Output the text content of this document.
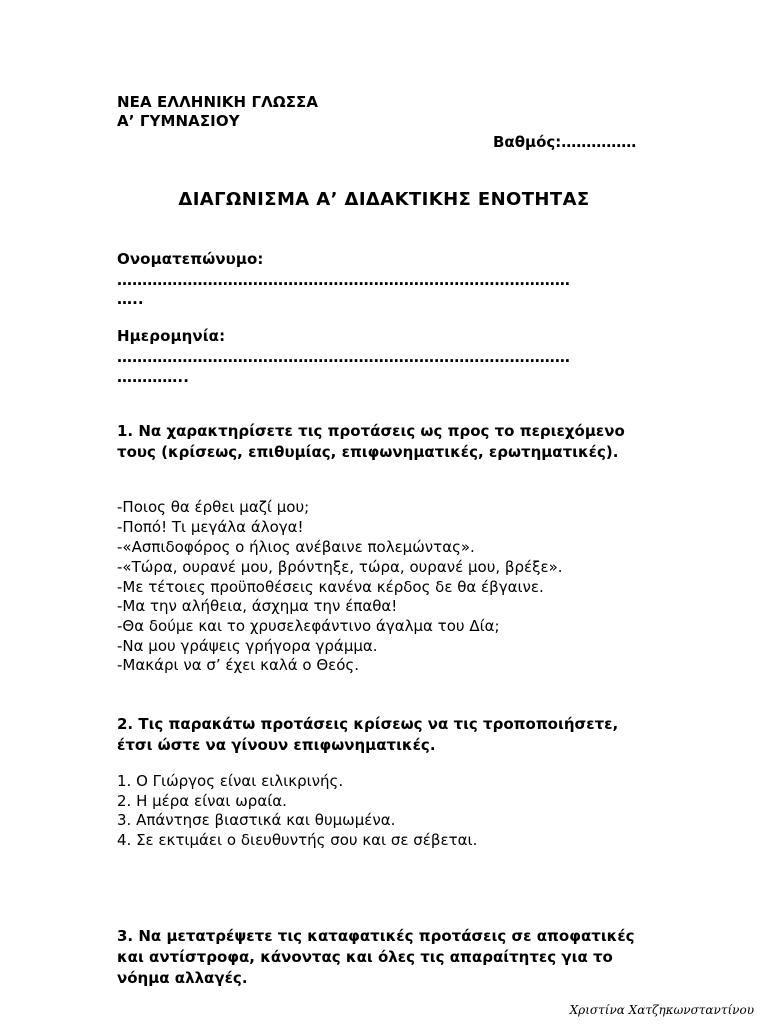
ΝΕΑ ΕΛΛΗΝΙΚΗ ΓΛΩΣΣΑ
Α’ ΓΥΜΝΑΣΙΟΥ
Βαθμός:……………
ΔΙΑΓΩΝΙΣΜΑ Α’ ΔΙΔΑΚΤΙΚΗΣ ΕΝΟΤΗΤΑΣ
Ονοματεπώνυμο:
………………………………………………………………………………
…..
Ημερομηνία:
………………………………………………………………………………
…………..
1. Να χαρακτηρίσετε τις προτάσεις ως προς το περιεχόμενο τους (κρίσεως, επιθυμίας, επιφωνηματικές, ερωτηματικές).
-Ποιος θα έρθει μαζί μου;
-Ποπό! Τι μεγάλα άλογα!
-«Ασπιδοφόρος ο ήλιος ανέβαινε πολεμώντας».
-«Τώρα, ουρανέ μου, βρόντηξε, τώρα, ουρανέ μου, βρέξε».
-Με τέτοιες προϋποθέσεις κανένα κέρδος δε θα έβγαινε.
-Μα την αλήθεια, άσχημα την έπαθα!
-Θα δούμε και το χρυσελεφάντινο άγαλμα του Δία;
-Να μου γράψεις γρήγορα γράμμα.
-Μακάρι να σ’ έχει καλά ο Θεός.
2. Τις παρακάτω προτάσεις κρίσεως να τις τροποποιήσετε, έτσι ώστε να γίνουν επιφωνηματικές.
1. Ο Γιώργος είναι ειλικρινής.
2. Η μέρα είναι ωραία.
3. Απάντησε βιαστικά και θυμωμένα.
4. Σε εκτιμάει ο διευθυντής σου και σε σέβεται.
3. Να μετατρέψετε τις καταφατικές προτάσεις σε αποφατικές και αντίστροφα, κάνοντας και όλες τις απαραίτητες για το νόημα αλλαγές.
Χριστίνα Χατζηκωνσταντίνου
